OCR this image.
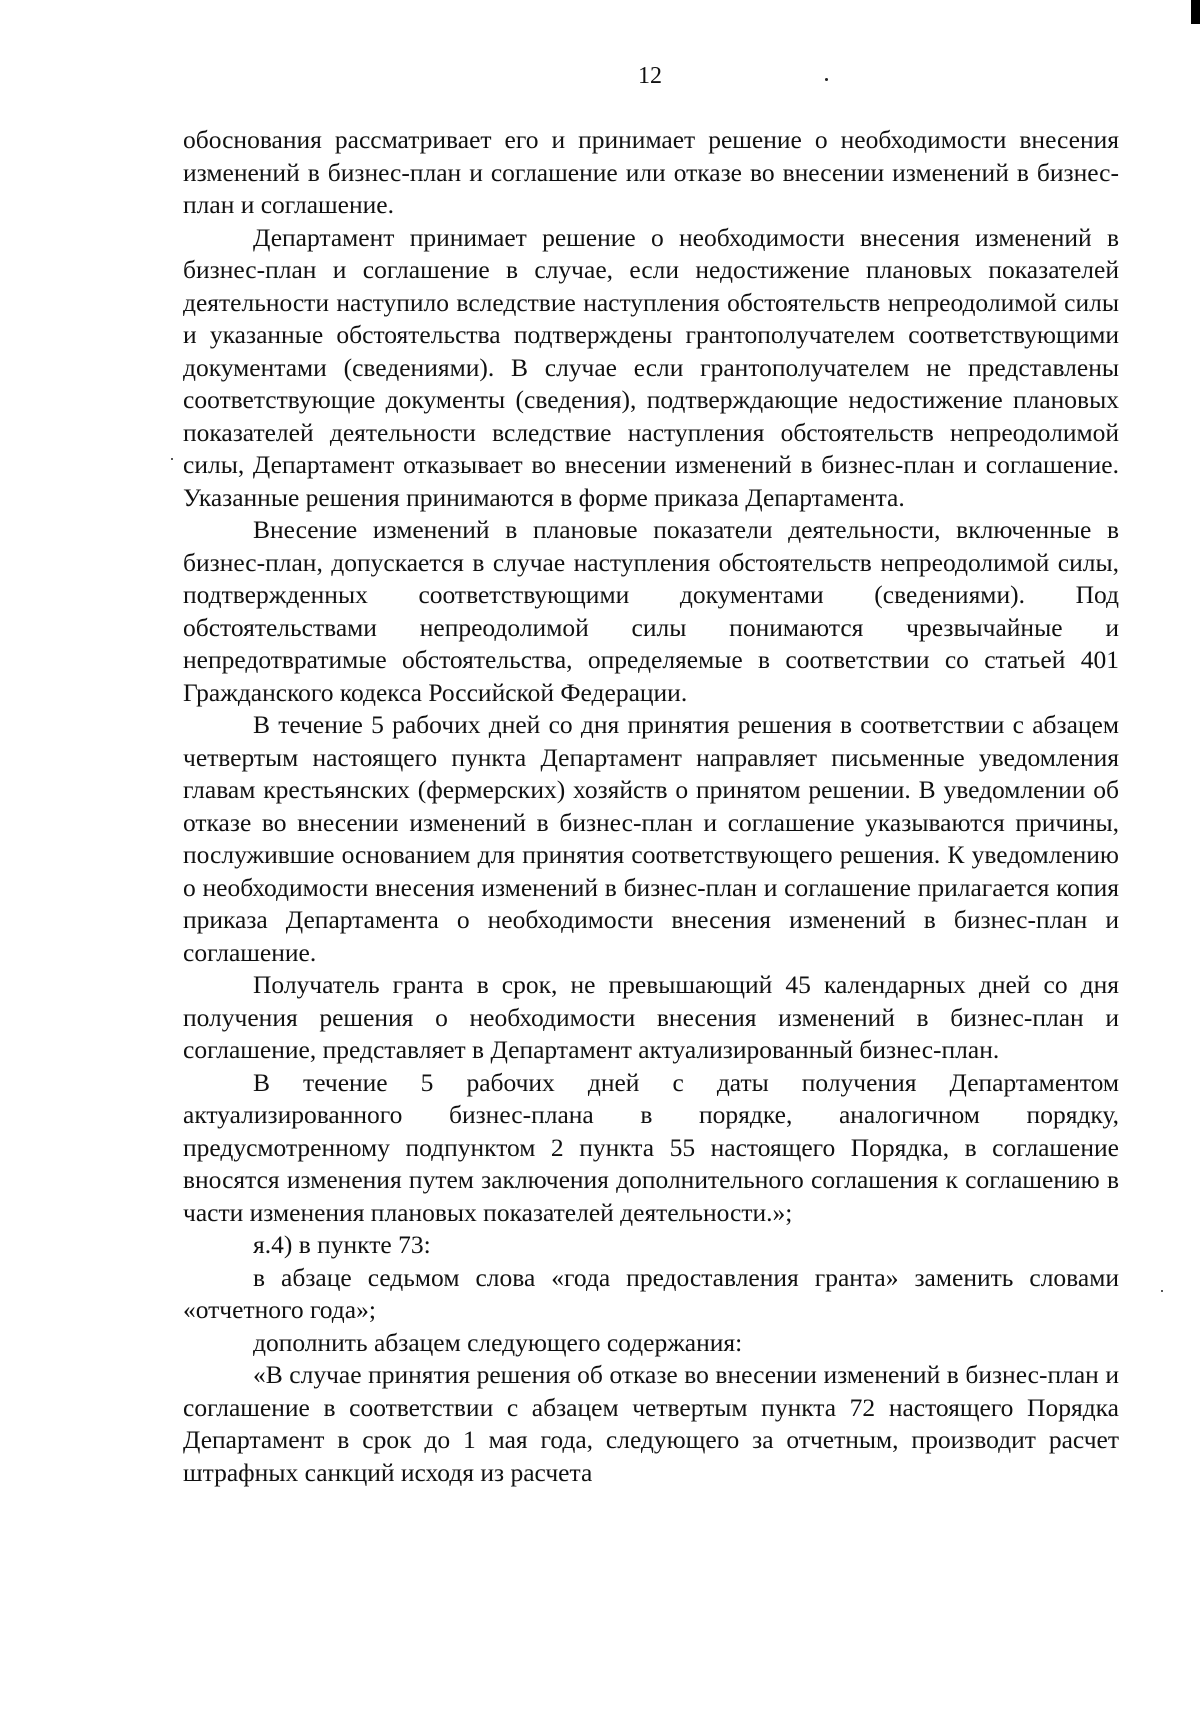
12

обоснования рассматривает его и принимает решение о необходимости внесения изменений в бизнес-план и соглашение или отказе во внесении изменений в бизнес-план и соглашение.

Департамент принимает решение о необходимости внесения изменений в бизнес-план и соглашение в случае, если недостижение плановых показателей деятельности наступило вследствие наступления обстоятельств непреодолимой силы и указанные обстоятельства подтверждены грантополучателем соответствующими документами (сведениями). В случае если грантополучателем не представлены соответствующие документы (сведения), подтверждающие недостижение плановых показателей деятельности вследствие наступления обстоятельств непреодолимой силы, Департамент отказывает во внесении изменений в бизнес-план и соглашение. Указанные решения принимаются в форме приказа Департамента.

Внесение изменений в плановые показатели деятельности, включенные в бизнес-план, допускается в случае наступления обстоятельств непреодолимой силы, подтвержденных соответствующими документами (сведениями). Под обстоятельствами непреодолимой силы понимаются чрезвычайные и непредотвратимые обстоятельства, определяемые в соответствии со статьей 401 Гражданского кодекса Российской Федерации.

В течение 5 рабочих дней со дня принятия решения в соответствии с абзацем четвертым настоящего пункта Департамент направляет письменные уведомления главам крестьянских (фермерских) хозяйств о принятом решении. В уведомлении об отказе во внесении изменений в бизнес-план и соглашение указываются причины, послужившие основанием для принятия соответствующего решения. К уведомлению о необходимости внесения изменений в бизнес-план и соглашение прилагается копия приказа Департамента о необходимости внесения изменений в бизнес-план и соглашение.

Получатель гранта в срок, не превышающий 45 календарных дней со дня получения решения о необходимости внесения изменений в бизнес-план и соглашение, представляет в Департамент актуализированный бизнес-план.

В течение 5 рабочих дней с даты получения Департаментом актуализированного бизнес-плана в порядке, аналогичном порядку, предусмотренному подпунктом 2 пункта 55 настоящего Порядка, в соглашение вносятся изменения путем заключения дополнительного соглашения к соглашению в части изменения плановых показателей деятельности.»;

я.4) в пункте 73:

в абзаце седьмом слова «года предоставления гранта» заменить словами «отчетного года»;

дополнить абзацем следующего содержания:

«В случае принятия решения об отказе во внесении изменений в бизнес-план и соглашение в соответствии с абзацем четвертым пункта 72 настоящего Порядка Департамент в срок до 1 мая года, следующего за отчетным, производит расчет штрафных санкций исходя из расчета
